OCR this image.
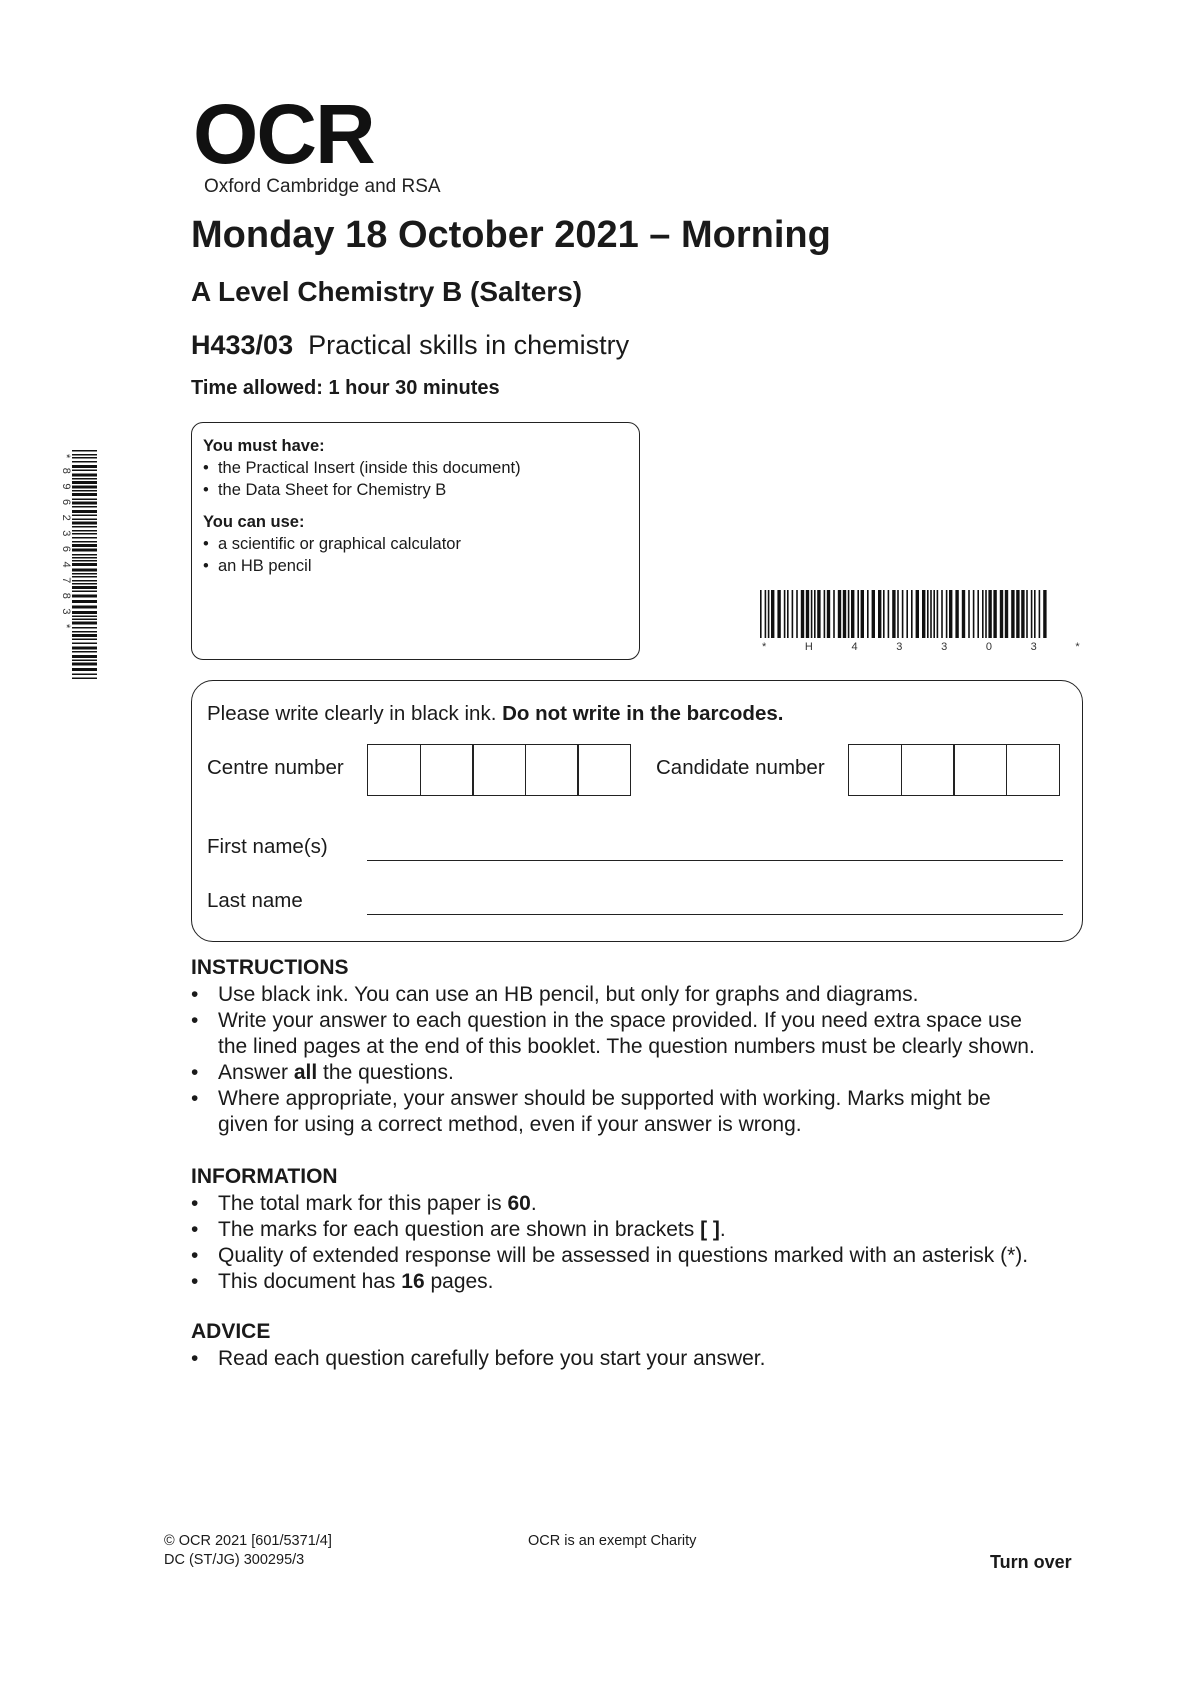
OCR
Oxford Cambridge and RSA
Monday 18 October 2021 – Morning
A Level Chemistry B (Salters)
H433/03 Practical skills in chemistry
Time allowed: 1 hour 30 minutes
You must have:
•  the Practical Insert (inside this document)
•  the Data Sheet for Chemistry B
You can use:
•  a scientific or graphical calculator
•  an HB pencil
*8962364783*
* H 4 3 3 0 3 *
Please write clearly in black ink. Do not write in the barcodes.
Centre number	Candidate number
First name(s)
Last name
INSTRUCTIONS
• Use black ink. You can use an HB pencil, but only for graphs and diagrams.
• Write your answer to each question in the space provided. If you need extra space use
the lined pages at the end of this booklet. The question numbers must be clearly shown.
• Answer all the questions.
• Where appropriate, your answer should be supported with working. Marks might be
given for using a correct method, even if your answer is wrong.
INFORMATION
• The total mark for this paper is 60.
• The marks for each question are shown in brackets [ ].
• Quality of extended response will be assessed in questions marked with an asterisk (*).
• This document has 16 pages.
ADVICE
• Read each question carefully before you start your answer.
© OCR 2021 [601/5371/4]
DC (ST/JG) 300295/3
OCR is an exempt Charity
Turn over
